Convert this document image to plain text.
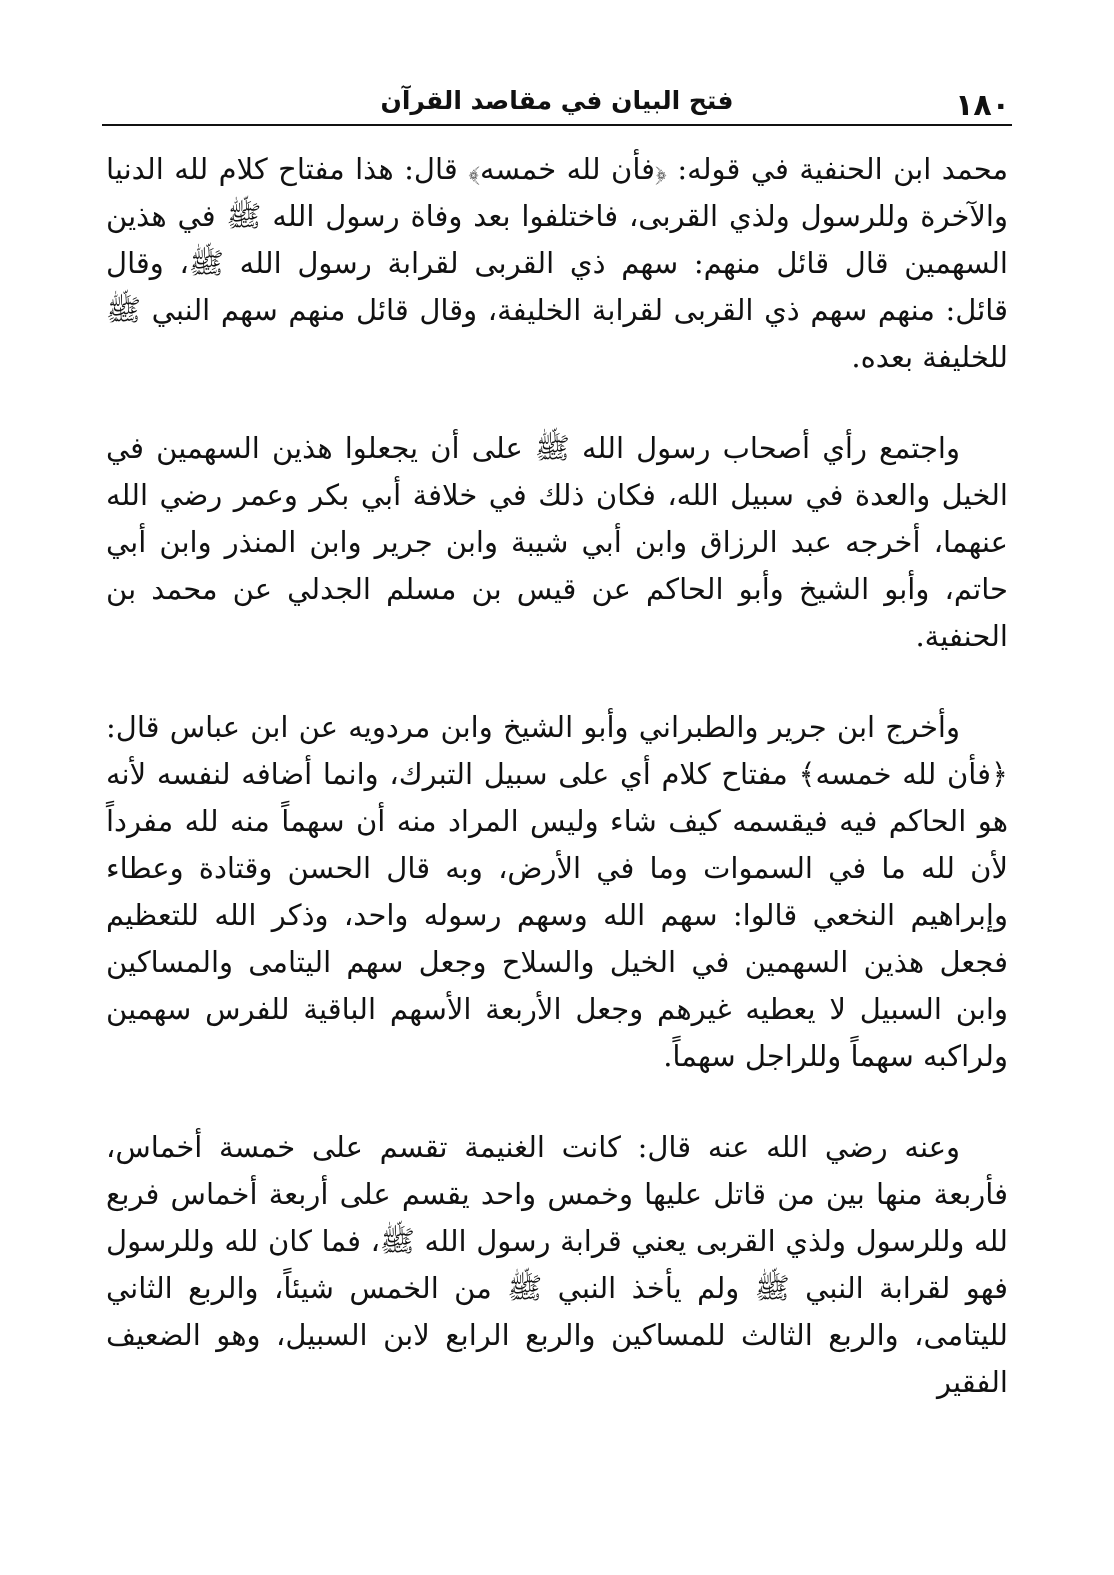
١٨٠
فتح البيان في مقاصد القرآن

محمد ابن الحنفية في قوله: ﴿فأن لله خمسه﴾ قال: هذا مفتاح كلام لله الدنيا والآخرة وللرسول ولذي القربى، فاختلفوا بعد وفاة رسول الله ﷺ في هذين السهمين قال قائل منهم: سهم ذي القربى لقرابة رسول الله ﷺ، وقال قائل: منهم سهم ذي القربى لقرابة الخليفة، وقال قائل منهم سهم النبي ﷺ للخليفة بعده.

واجتمع رأي أصحاب رسول الله ﷺ على أن يجعلوا هذين السهمين في الخيل والعدة في سبيل الله، فكان ذلك في خلافة أبي بكر وعمر رضي الله عنهما، أخرجه عبد الرزاق وابن أبي شيبة وابن جرير وابن المنذر وابن أبي حاتم، وأبو الشيخ وأبو الحاكم عن قيس بن مسلم الجدلي عن محمد بن الحنفية.

وأخرج ابن جرير والطبراني وأبو الشيخ وابن مردويه عن ابن عباس قال: ﴿فأن لله خمسه﴾ مفتاح كلام أي على سبيل التبرك، وانما أضافه لنفسه لأنه هو الحاكم فيه فيقسمه كيف شاء وليس المراد منه أن سهماً منه لله مفرداً لأن لله ما في السموات وما في الأرض، وبه قال الحسن وقتادة وعطاء وإبراهيم النخعي قالوا: سهم الله وسهم رسوله واحد، وذكر الله للتعظيم فجعل هذين السهمين في الخيل والسلاح وجعل سهم اليتامى والمساكين وابن السبيل لا يعطيه غيرهم وجعل الأربعة الأسهم الباقية للفرس سهمين ولراكبه سهماً وللراجل سهماً.

وعنه رضي الله عنه قال: كانت الغنيمة تقسم على خمسة أخماس، فأربعة منها بين من قاتل عليها وخمس واحد يقسم على أربعة أخماس فربع لله وللرسول ولذي القربى يعني قرابة رسول الله ﷺ، فما كان لله وللرسول فهو لقرابة النبي ﷺ ولم يأخذ النبي ﷺ من الخمس شيئاً، والربع الثاني لليتامى، والربع الثالث للمساكين والربع الرابع لابن السبيل، وهو الضعيف الفقير
